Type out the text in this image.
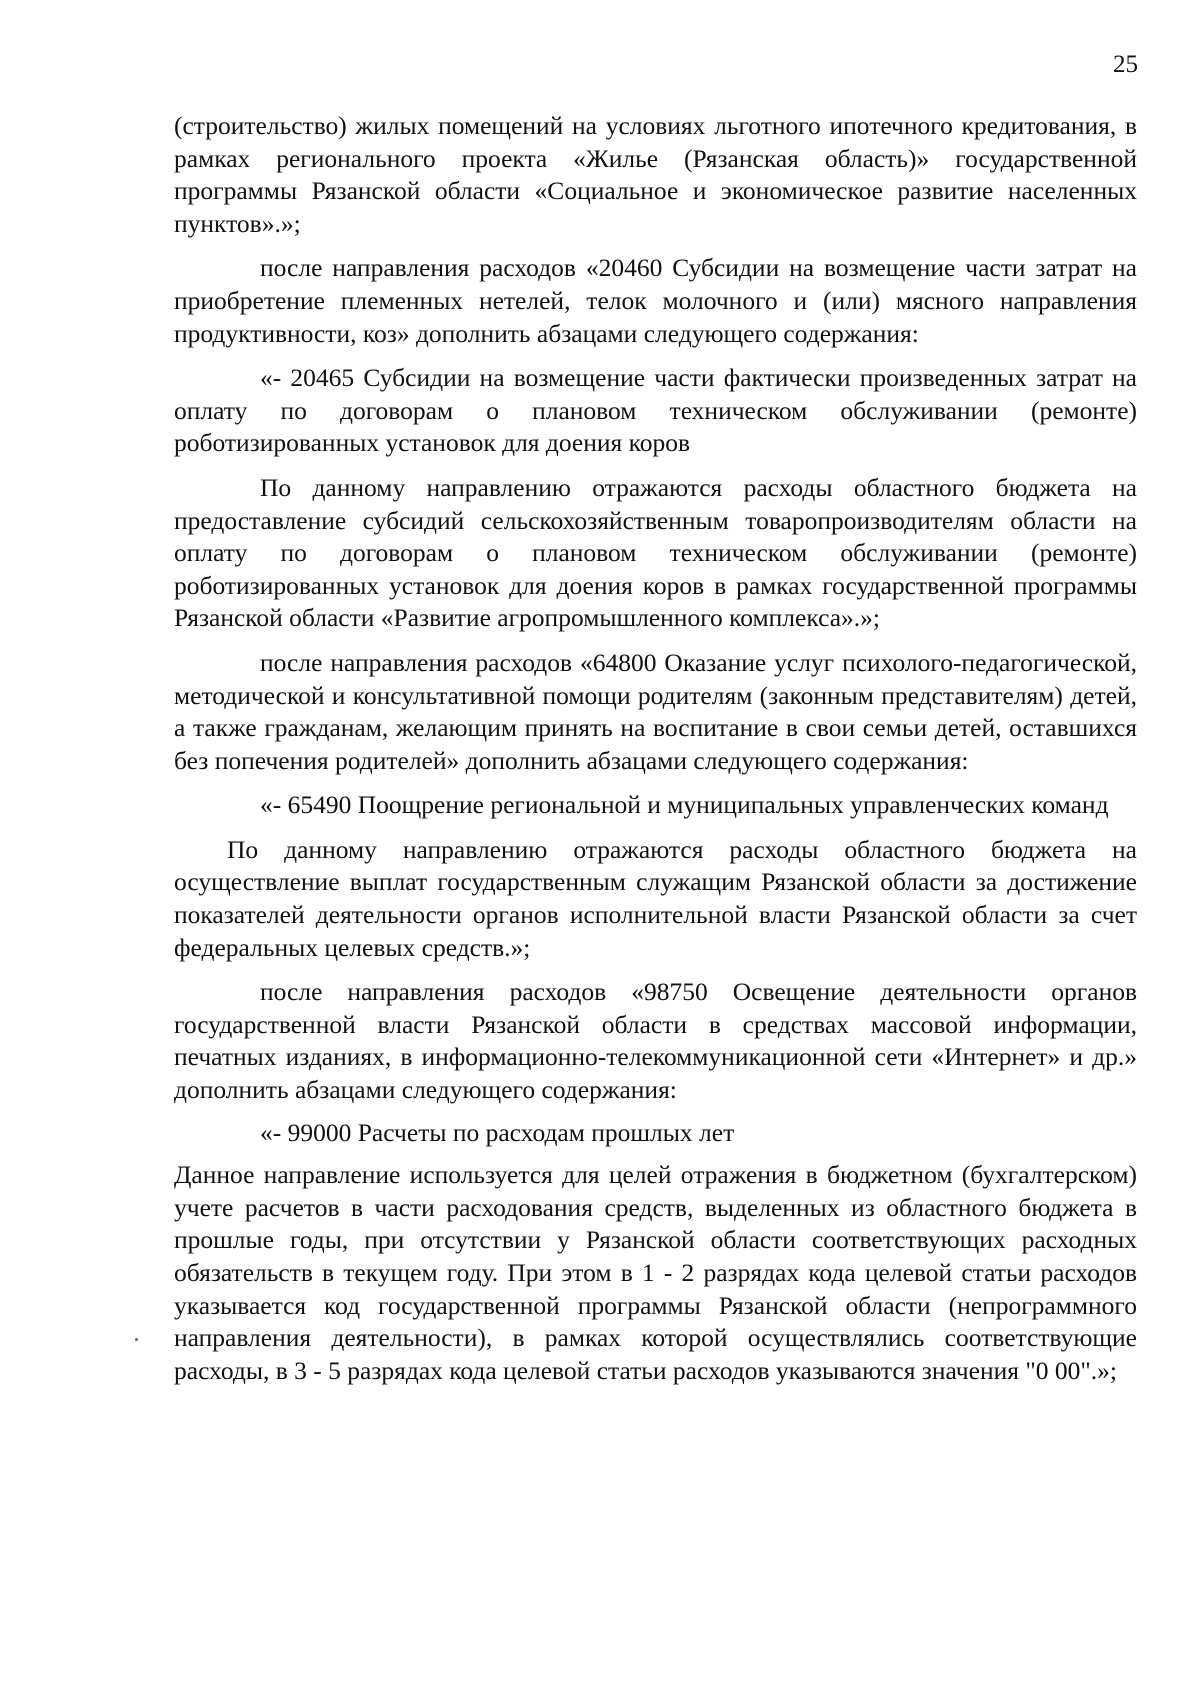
25

(строительство) жилых помещений на условиях льготного ипотечного кредитования, в рамках регионального проекта «Жилье (Рязанская область)» государственной программы Рязанской области «Социальное и экономическое развитие населенных пунктов».»;

после направления расходов «20460 Субсидии на возмещение части затрат на приобретение племенных нетелей, телок молочного и (или) мясного направления продуктивности, коз» дополнить абзацами следующего содержания:

«- 20465 Субсидии на возмещение части фактически произведенных затрат на оплату по договорам о плановом техническом обслуживании (ремонте) роботизированных установок для доения коров

По данному направлению отражаются расходы областного бюджета на предоставление субсидий сельскохозяйственным товаропроизводителям области на оплату по договорам о плановом техническом обслуживании (ремонте) роботизированных установок для доения коров в рамках государственной программы Рязанской области «Развитие агропромышленного комплекса».»;

после направления расходов «64800 Оказание услуг психолого-педагогической, методической и консультативной помощи родителям (законным представителям) детей, а также гражданам, желающим принять на воспитание в свои семьи детей, оставшихся без попечения родителей» дополнить абзацами следующего содержания:

«- 65490 Поощрение региональной и муниципальных управленческих команд

По данному направлению отражаются расходы областного бюджета на осуществление выплат государственным служащим Рязанской области за достижение показателей деятельности органов исполнительной власти Рязанской области за счет федеральных целевых средств.»;

после направления расходов «98750 Освещение деятельности органов государственной власти Рязанской области в средствах массовой информации, печатных изданиях, в информационно-телекоммуникационной сети «Интернет» и др.» дополнить абзацами следующего содержания:

«- 99000 Расчеты по расходам прошлых лет

Данное направление используется для целей отражения в бюджетном (бухгалтерском) учете расчетов в части расходования средств, выделенных из областного бюджета в прошлые годы, при отсутствии у Рязанской области соответствующих расходных обязательств в текущем году. При этом в 1 - 2 разрядах кода целевой статьи расходов указывается код государственной программы Рязанской области (непрограммного направления деятельности), в рамках которой осуществлялись соответствующие расходы, в 3 - 5 разрядах кода целевой статьи расходов указываются значения "0 00".»;
